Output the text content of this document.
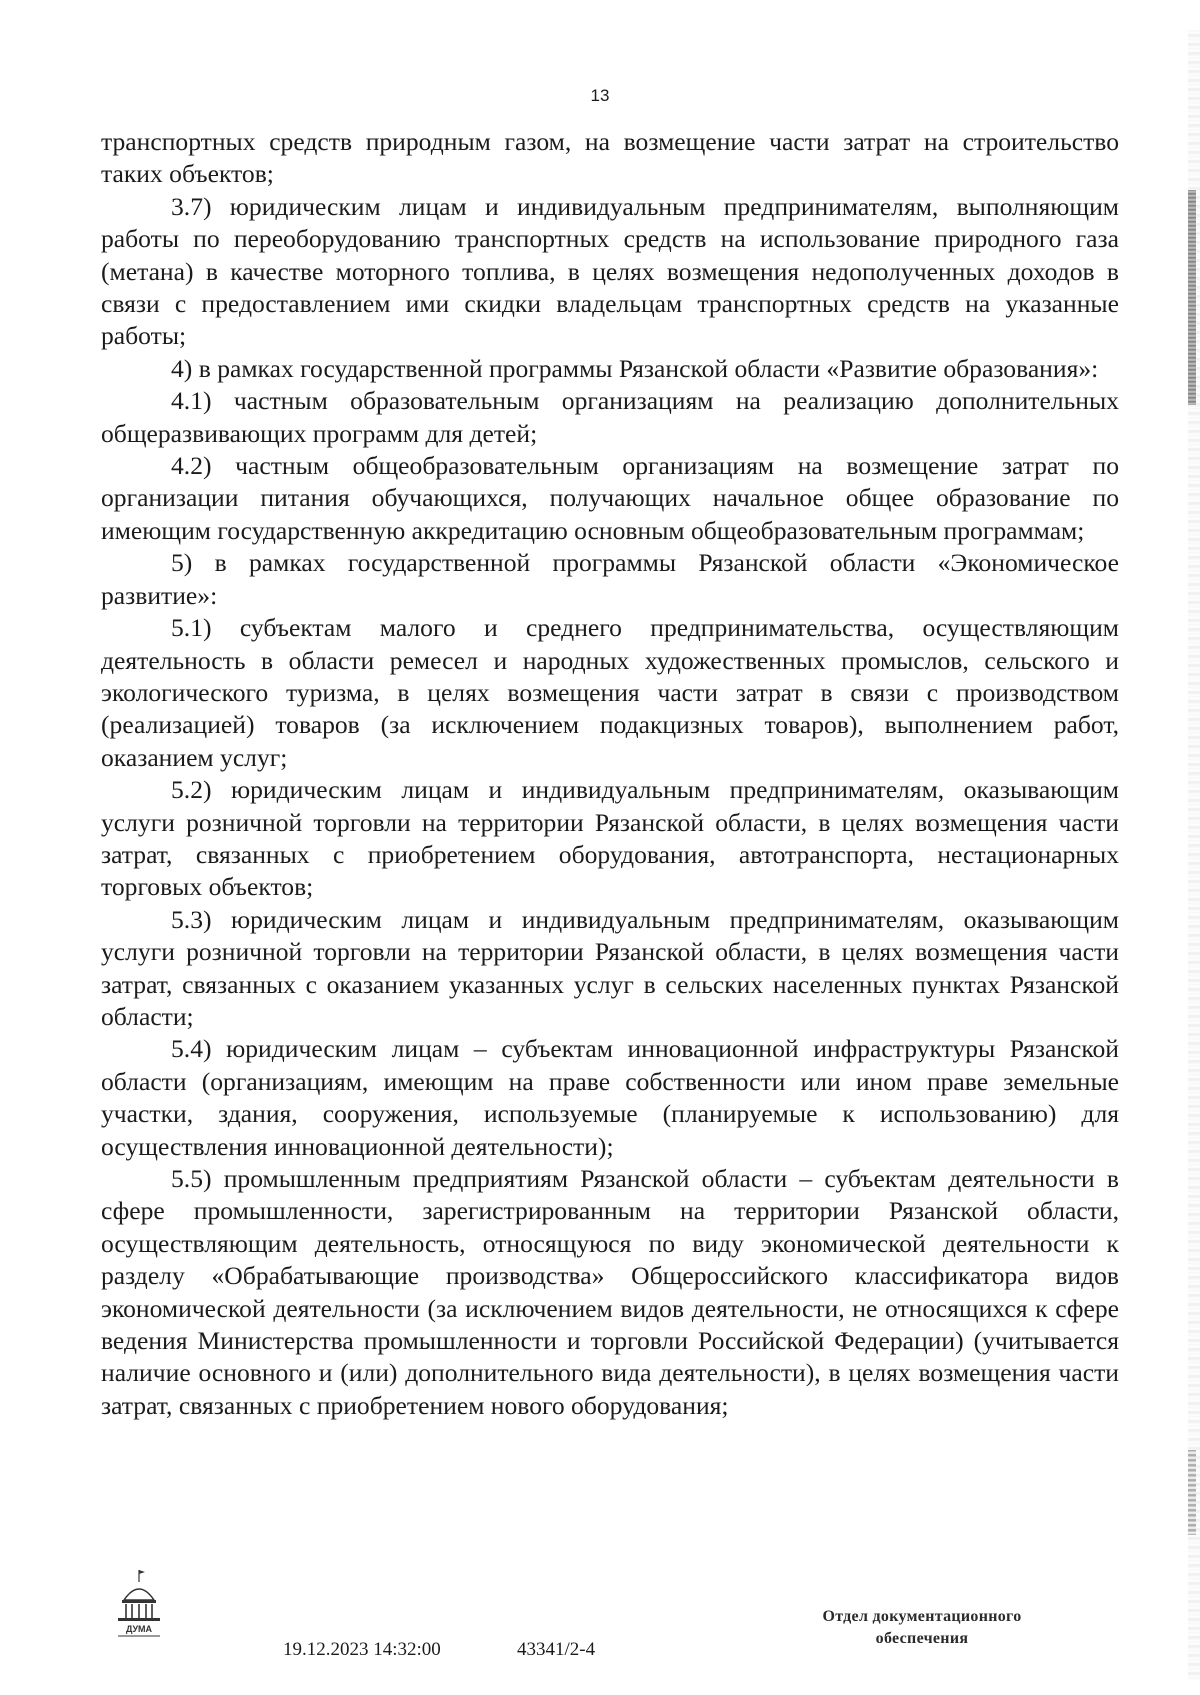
13

транспортных средств природным газом, на возмещение части затрат на строительство таких объектов;

3.7) юридическим лицам и индивидуальным предпринимателям, выполняющим работы по переоборудованию транспортных средств на использование природного газа (метана) в качестве моторного топлива, в целях возмещения недополученных доходов в связи с предоставлением ими скидки владельцам транспортных средств на указанные работы;

4) в рамках государственной программы Рязанской области «Развитие образования»:

4.1) частным образовательным организациям на реализацию дополнительных общеразвивающих программ для детей;

4.2) частным общеобразовательным организациям на возмещение затрат по организации питания обучающихся, получающих начальное общее образование по имеющим государственную аккредитацию основным общеобразовательным программам;

5) в рамках государственной программы Рязанской области «Экономическое развитие»:

5.1) субъектам малого и среднего предпринимательства, осуществляющим деятельность в области ремесел и народных художественных промыслов, сельского и экологического туризма, в целях возмещения части затрат в связи с производством (реализацией) товаров (за исключением подакцизных товаров), выполнением работ, оказанием услуг;

5.2) юридическим лицам и индивидуальным предпринимателям, оказывающим услуги розничной торговли на территории Рязанской области, в целях возмещения части затрат, связанных с приобретением оборудования, автотранспорта, нестационарных торговых объектов;

5.3) юридическим лицам и индивидуальным предпринимателям, оказывающим услуги розничной торговли на территории Рязанской области, в целях возмещения части затрат, связанных с оказанием указанных услуг в сельских населенных пунктах Рязанской области;

5.4) юридическим лицам – субъектам инновационной инфраструктуры Рязанской области (организациям, имеющим на праве собственности или ином праве земельные участки, здания, сооружения, используемые (планируемые к использованию) для осуществления инновационной деятельности);

5.5) промышленным предприятиям Рязанской области – субъектам деятельности в сфере промышленности, зарегистрированным на территории Рязанской области, осуществляющим деятельность, относящуюся по виду экономической деятельности к разделу «Обрабатывающие производства» Общероссийского классификатора видов экономической деятельности (за исключением видов деятельности, не относящихся к сфере ведения Министерства промышленности и торговли Российской Федерации) (учитывается наличие основного и (или) дополнительного вида деятельности), в целях возмещения части затрат, связанных с приобретением нового оборудования;

ДУМА
19.12.2023 14:32:00	43341/2-4
Отдел документационного
обеспечения
